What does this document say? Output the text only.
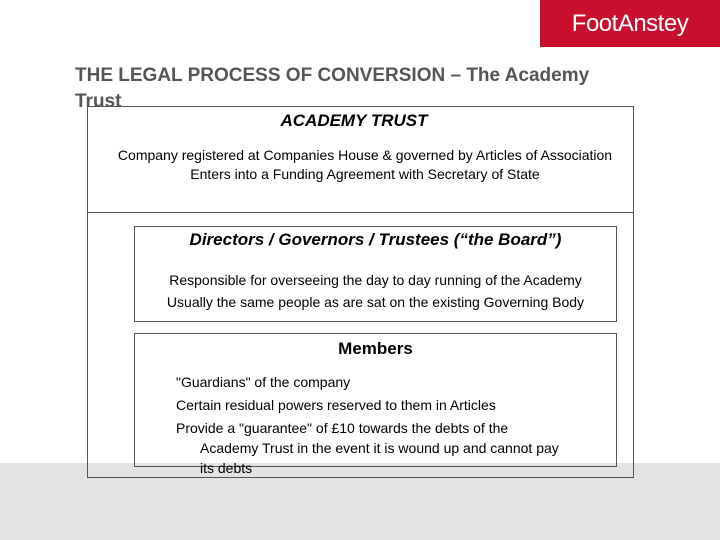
FootAnstey
THE LEGAL PROCESS OF CONVERSION – The Academy Trust
ACADEMY TRUST
Company registered at Companies House & governed by Articles of Association
Enters into a Funding Agreement with Secretary of State
Directors / Governors / Trustees (“the Board”)
Responsible for overseeing the day to day running of the Academy
Usually the same people as are sat on the existing Governing Body
Members
"Guardians" of the company
Certain residual powers reserved to them in Articles
Provide a "guarantee" of £10 towards the debts of the Academy Trust in the event it is wound up and cannot pay its debts
